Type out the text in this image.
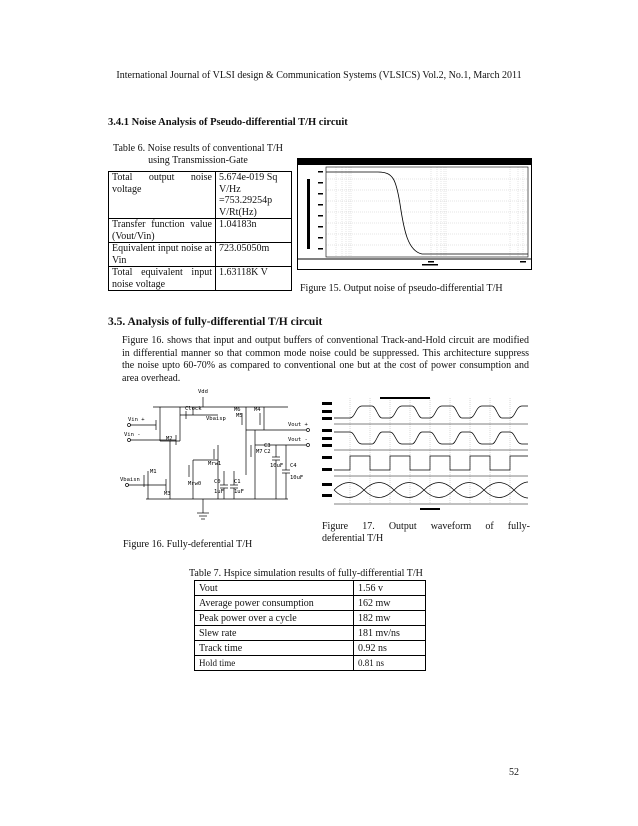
International Journal of VLSI design & Communication Systems (VLSICS) Vol.2, No.1, March 2011
3.4.1 Noise Analysis of Pseudo-differential T/H circuit
Table 6. Noise results of conventional T/H using Transmission-Gate
Total output noise voltage	5.674e-019 Sq V/Hz =753.29254p V/Rt(Hz)
Transfer function value (Vout/Vin)	1.04183n
Equivalent input noise at Vin	723.05050m
Total equivalent input noise voltage	1.63118K V
Figure 15. Output noise of pseudo-differential T/H
3.5. Analysis of fully-differential T/H circuit
Figure 16. shows that input and output buffers of conventional Track-and-Hold circuit are modified in differential manner so that common mode noise could be suppressed. This architecture suppress the noise upto 60-70% as compared to conventional one but at the cost of power consumption and area overhead.
Vdd
Clock
Vin +
Vin -
Vbaisp
Vbaisn
Vout +
Vout -
M1
M2
M3
M4
M5
M6
M7
Mrw0
Mrw1
C0 C1
C2
C3
C4
1uF 1uF
10uF
10uF
Figure 16. Fully-deferential T/H
Figure 17. Output waveform of fully-
deferential T/H
Table 7. Hspice simulation results of fully-differential T/H
Vout	1.56 v
Average power consumption	162 mw
Peak power over a cycle	182 mw
Slew rate	181 mv/ns
Track time	0.92 ns
Hold time	0.81 ns
52
